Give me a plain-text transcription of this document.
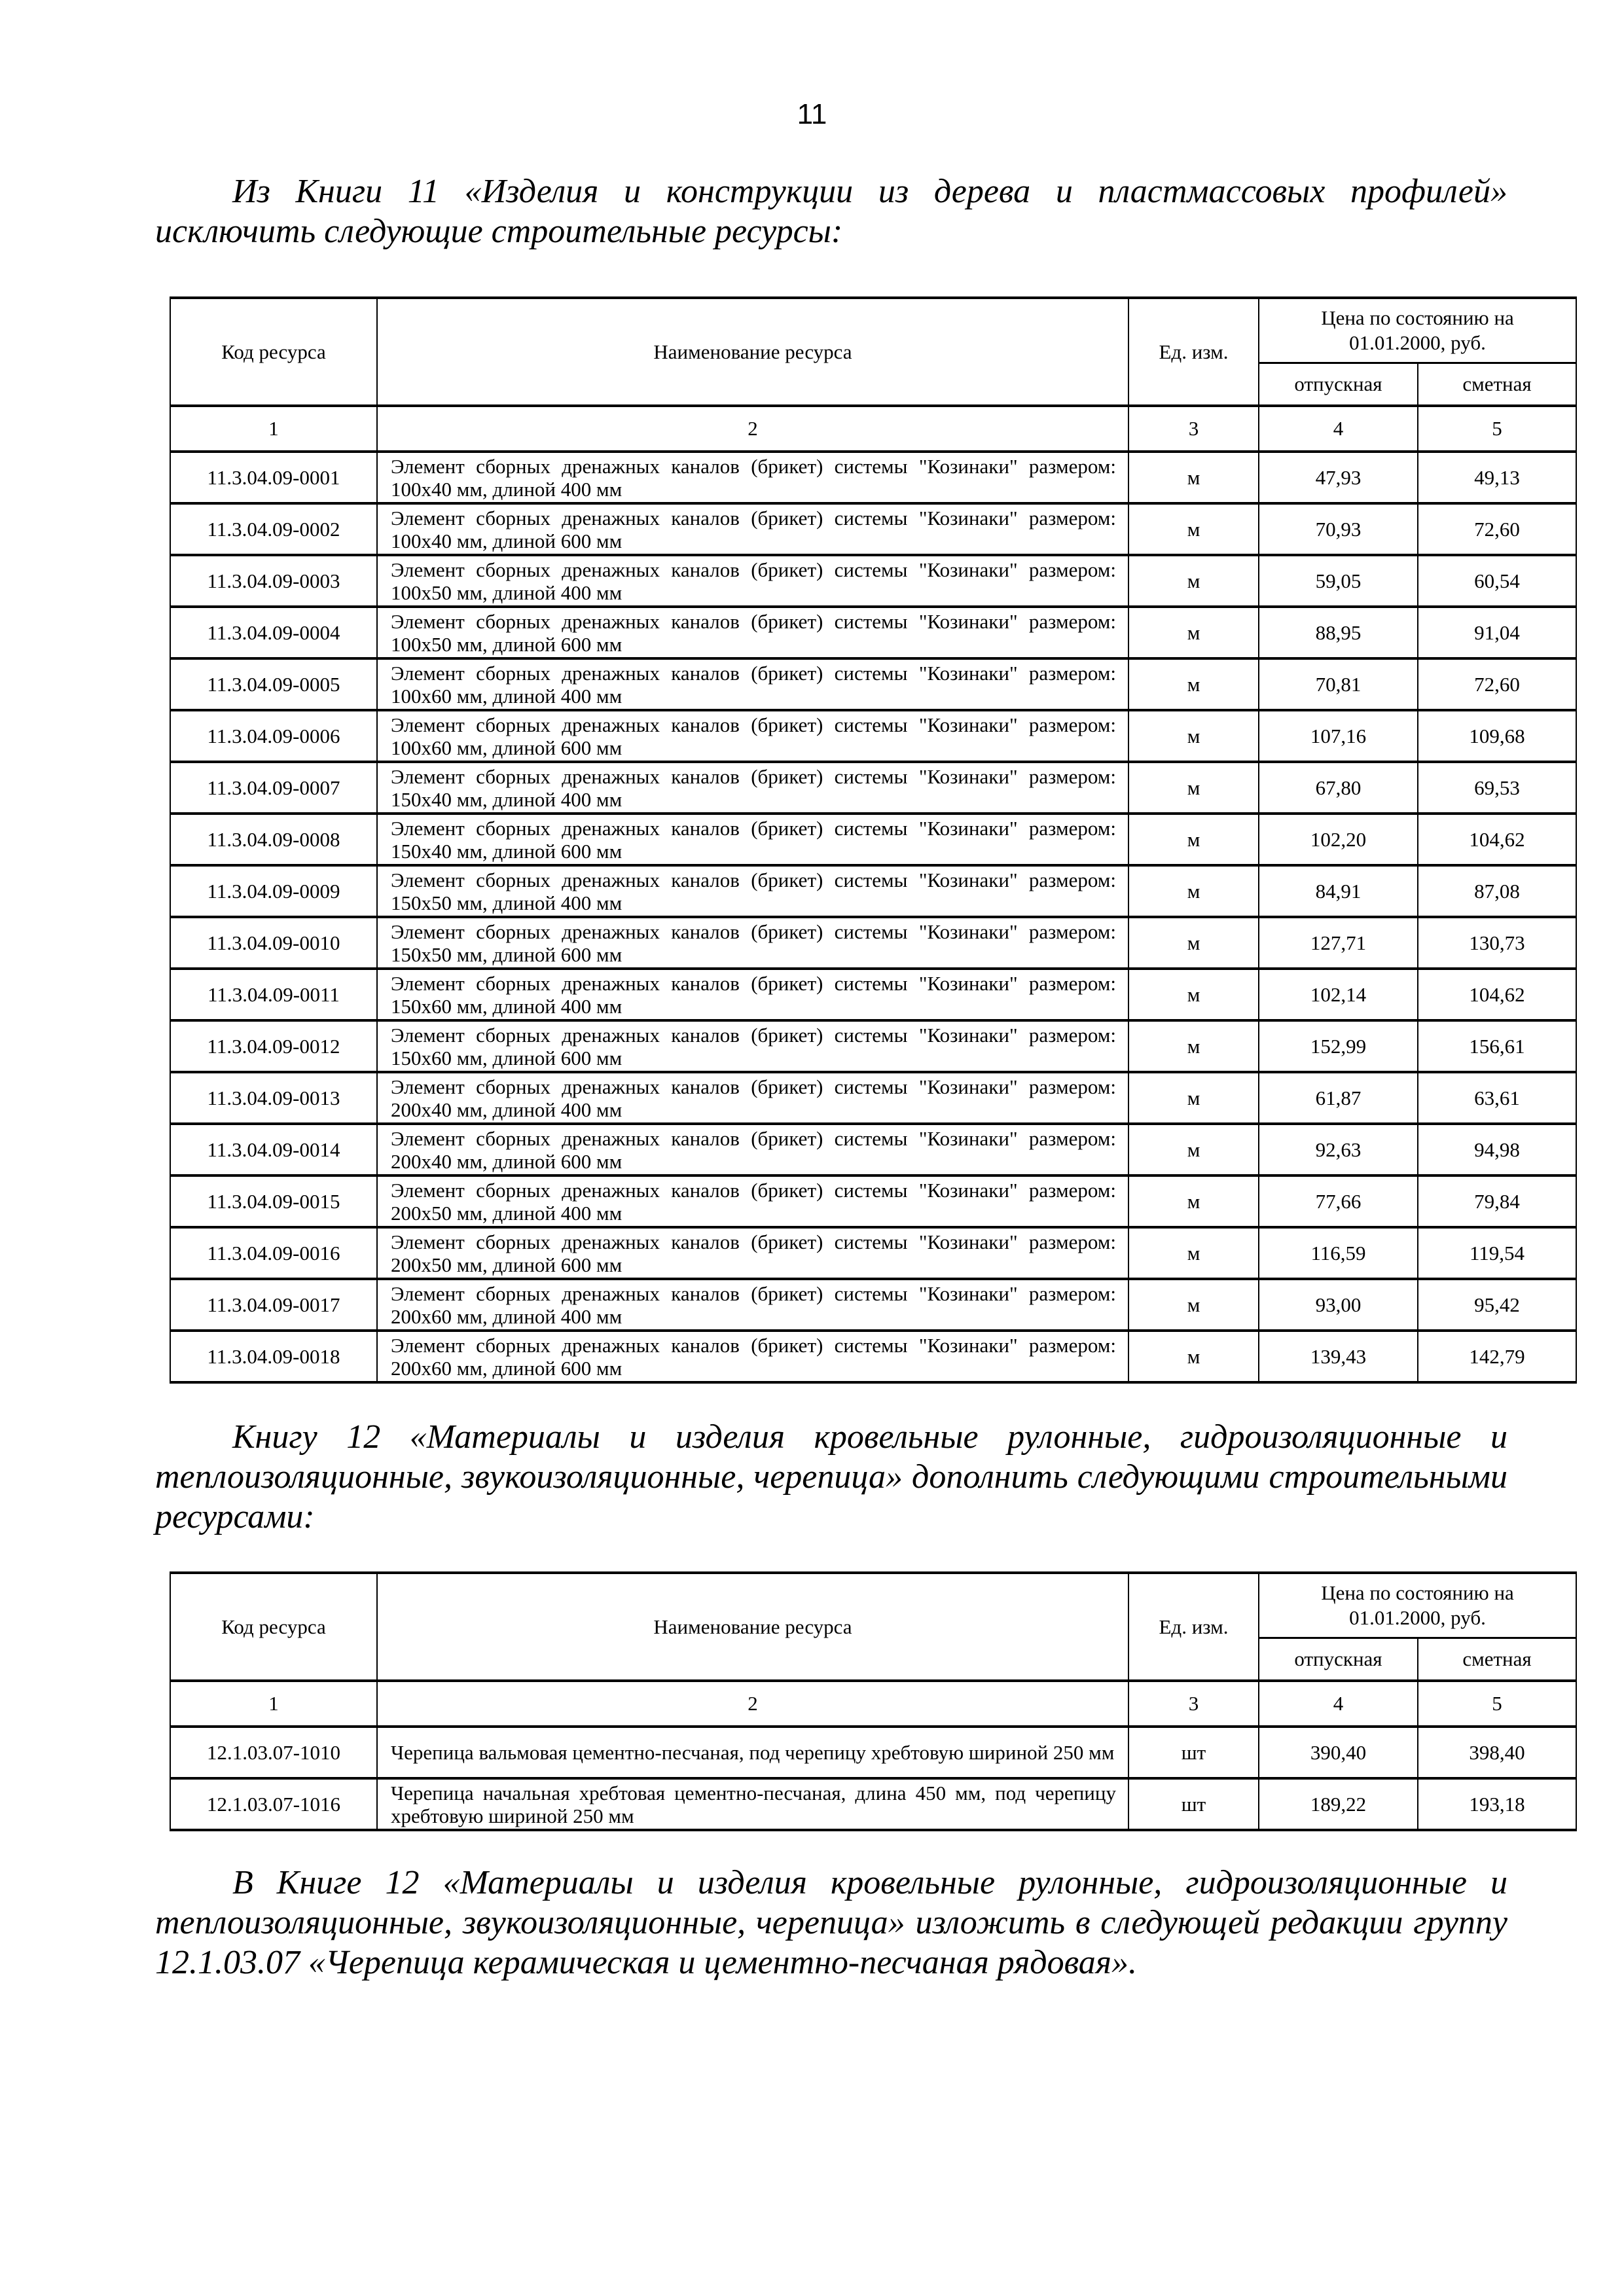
11
Из Книги 11 «Изделия и конструкции из дерева и пластмассовых профилей» исключить следующие строительные ресурсы:
Код ресурса	Наименование ресурса	Ед. изм.	Цена по состоянию на 01.01.2000, руб.	
			отпускная	сметная
1	2	3	4	5
11.3.04.09-0001	Элемент сборных дренажных каналов (брикет) системы "Козинаки" размером: 100х40 мм, длиной 400 мм	м	47,93	49,13
11.3.04.09-0002	Элемент сборных дренажных каналов (брикет) системы "Козинаки" размером: 100х40 мм, длиной 600 мм	м	70,93	72,60
11.3.04.09-0003	Элемент сборных дренажных каналов (брикет) системы "Козинаки" размером: 100х50 мм, длиной 400 мм	м	59,05	60,54
11.3.04.09-0004	Элемент сборных дренажных каналов (брикет) системы "Козинаки" размером: 100х50 мм, длиной 600 мм	м	88,95	91,04
11.3.04.09-0005	Элемент сборных дренажных каналов (брикет) системы "Козинаки" размером: 100х60 мм, длиной 400 мм	м	70,81	72,60
11.3.04.09-0006	Элемент сборных дренажных каналов (брикет) системы "Козинаки" размером: 100х60 мм, длиной 600 мм	м	107,16	109,68
11.3.04.09-0007	Элемент сборных дренажных каналов (брикет) системы "Козинаки" размером: 150х40 мм, длиной 400 мм	м	67,80	69,53
11.3.04.09-0008	Элемент сборных дренажных каналов (брикет) системы "Козинаки" размером: 150х40 мм, длиной 600 мм	м	102,20	104,62
11.3.04.09-0009	Элемент сборных дренажных каналов (брикет) системы "Козинаки" размером: 150х50 мм, длиной 400 мм	м	84,91	87,08
11.3.04.09-0010	Элемент сборных дренажных каналов (брикет) системы "Козинаки" размером: 150х50 мм, длиной 600 мм	м	127,71	130,73
11.3.04.09-0011	Элемент сборных дренажных каналов (брикет) системы "Козинаки" размером: 150х60 мм, длиной 400 мм	м	102,14	104,62
11.3.04.09-0012	Элемент сборных дренажных каналов (брикет) системы "Козинаки" размером: 150х60 мм, длиной 600 мм	м	152,99	156,61
11.3.04.09-0013	Элемент сборных дренажных каналов (брикет) системы "Козинаки" размером: 200х40 мм, длиной 400 мм	м	61,87	63,61
11.3.04.09-0014	Элемент сборных дренажных каналов (брикет) системы "Козинаки" размером: 200х40 мм, длиной 600 мм	м	92,63	94,98
11.3.04.09-0015	Элемент сборных дренажных каналов (брикет) системы "Козинаки" размером: 200х50 мм, длиной 400 мм	м	77,66	79,84
11.3.04.09-0016	Элемент сборных дренажных каналов (брикет) системы "Козинаки" размером: 200х50 мм, длиной 600 мм	м	116,59	119,54
11.3.04.09-0017	Элемент сборных дренажных каналов (брикет) системы "Козинаки" размером: 200х60 мм, длиной 400 мм	м	93,00	95,42
11.3.04.09-0018	Элемент сборных дренажных каналов (брикет) системы "Козинаки" размером: 200х60 мм, длиной 600 мм	м	139,43	142,79
Книгу 12 «Материалы и изделия кровельные рулонные, гидроизоляционные и теплоизоляционные, звукоизоляционные, черепица» дополнить следующими строительными ресурсами:
Код ресурса	Наименование ресурса	Ед. изм.	Цена по состоянию на 01.01.2000, руб.	
			отпускная	сметная
1	2	3	4	5
12.1.03.07-1010	Черепица вальмовая цементно-песчаная, под черепицу хребтовую шириной 250 мм	шт	390,40	398,40
12.1.03.07-1016	Черепица начальная хребтовая цементно-песчаная, длина 450 мм, под черепицу хребтовую шириной 250 мм	шт	189,22	193,18
В Книге 12 «Материалы и изделия кровельные рулонные, гидроизоляционные и теплоизоляционные, звукоизоляционные, черепица» изложить в следующей редакции группу 12.1.03.07 «Черепица керамическая и цементно-песчаная рядовая».
